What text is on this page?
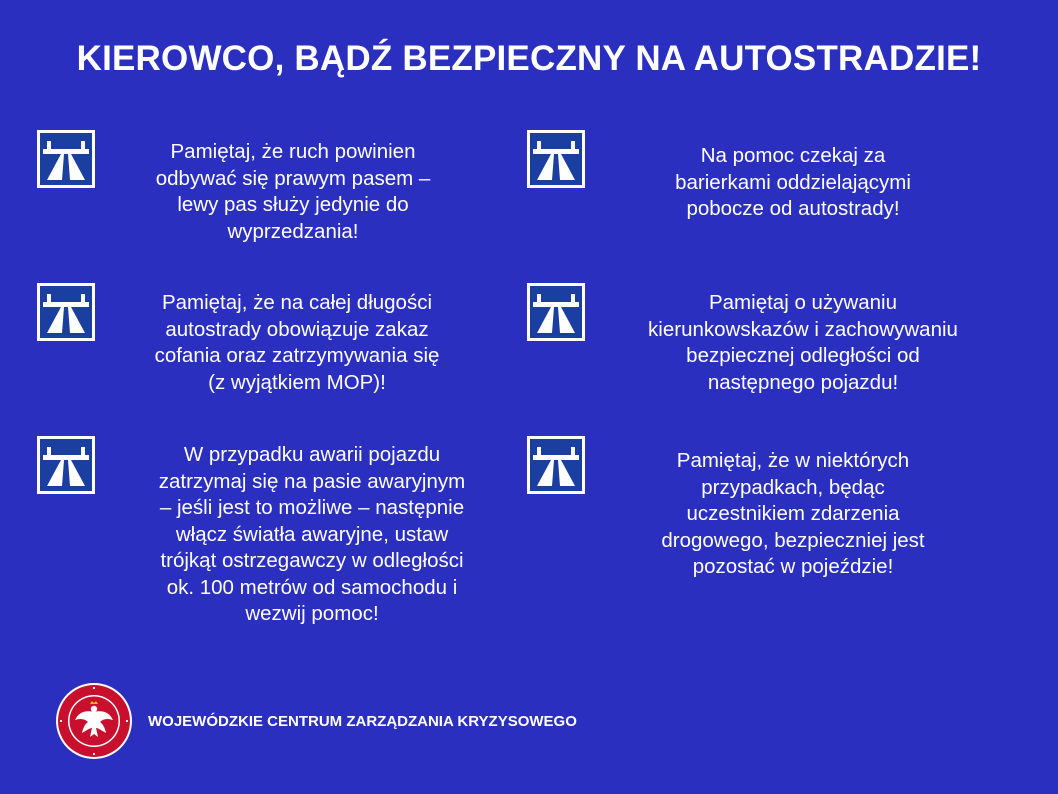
KIEROWCO, BĄDŹ BEZPIECZNY NA AUTOSTRADZIE!
Pamiętaj, że ruch powinien
odbywać się prawym pasem –
lewy pas służy jedynie do
wyprzedzania!
Na pomoc czekaj za
barierkami oddzielającymi
pobocze od autostrady!
Pamiętaj, że na całej długości
autostrady obowiązuje zakaz
cofania oraz zatrzymywania się
(z wyjątkiem MOP)!
Pamiętaj o używaniu
kierunkowskazów i zachowywaniu
bezpiecznej odległości od
następnego pojazdu!
W przypadku awarii pojazdu
zatrzymaj się na pasie awaryjnym
– jeśli jest to możliwe – następnie
włącz światła awaryjne, ustaw
trójkąt ostrzegawczy w odległości
ok. 100 metrów od samochodu i
wezwij pomoc!
Pamiętaj, że w niektórych
przypadkach, będąc
uczestnikiem zdarzenia
drogowego, bezpieczniej jest
pozostać w pojeździe!
WOJEWÓDZKIE CENTRUM ZARZĄDZANIA KRYZYSOWEGO
